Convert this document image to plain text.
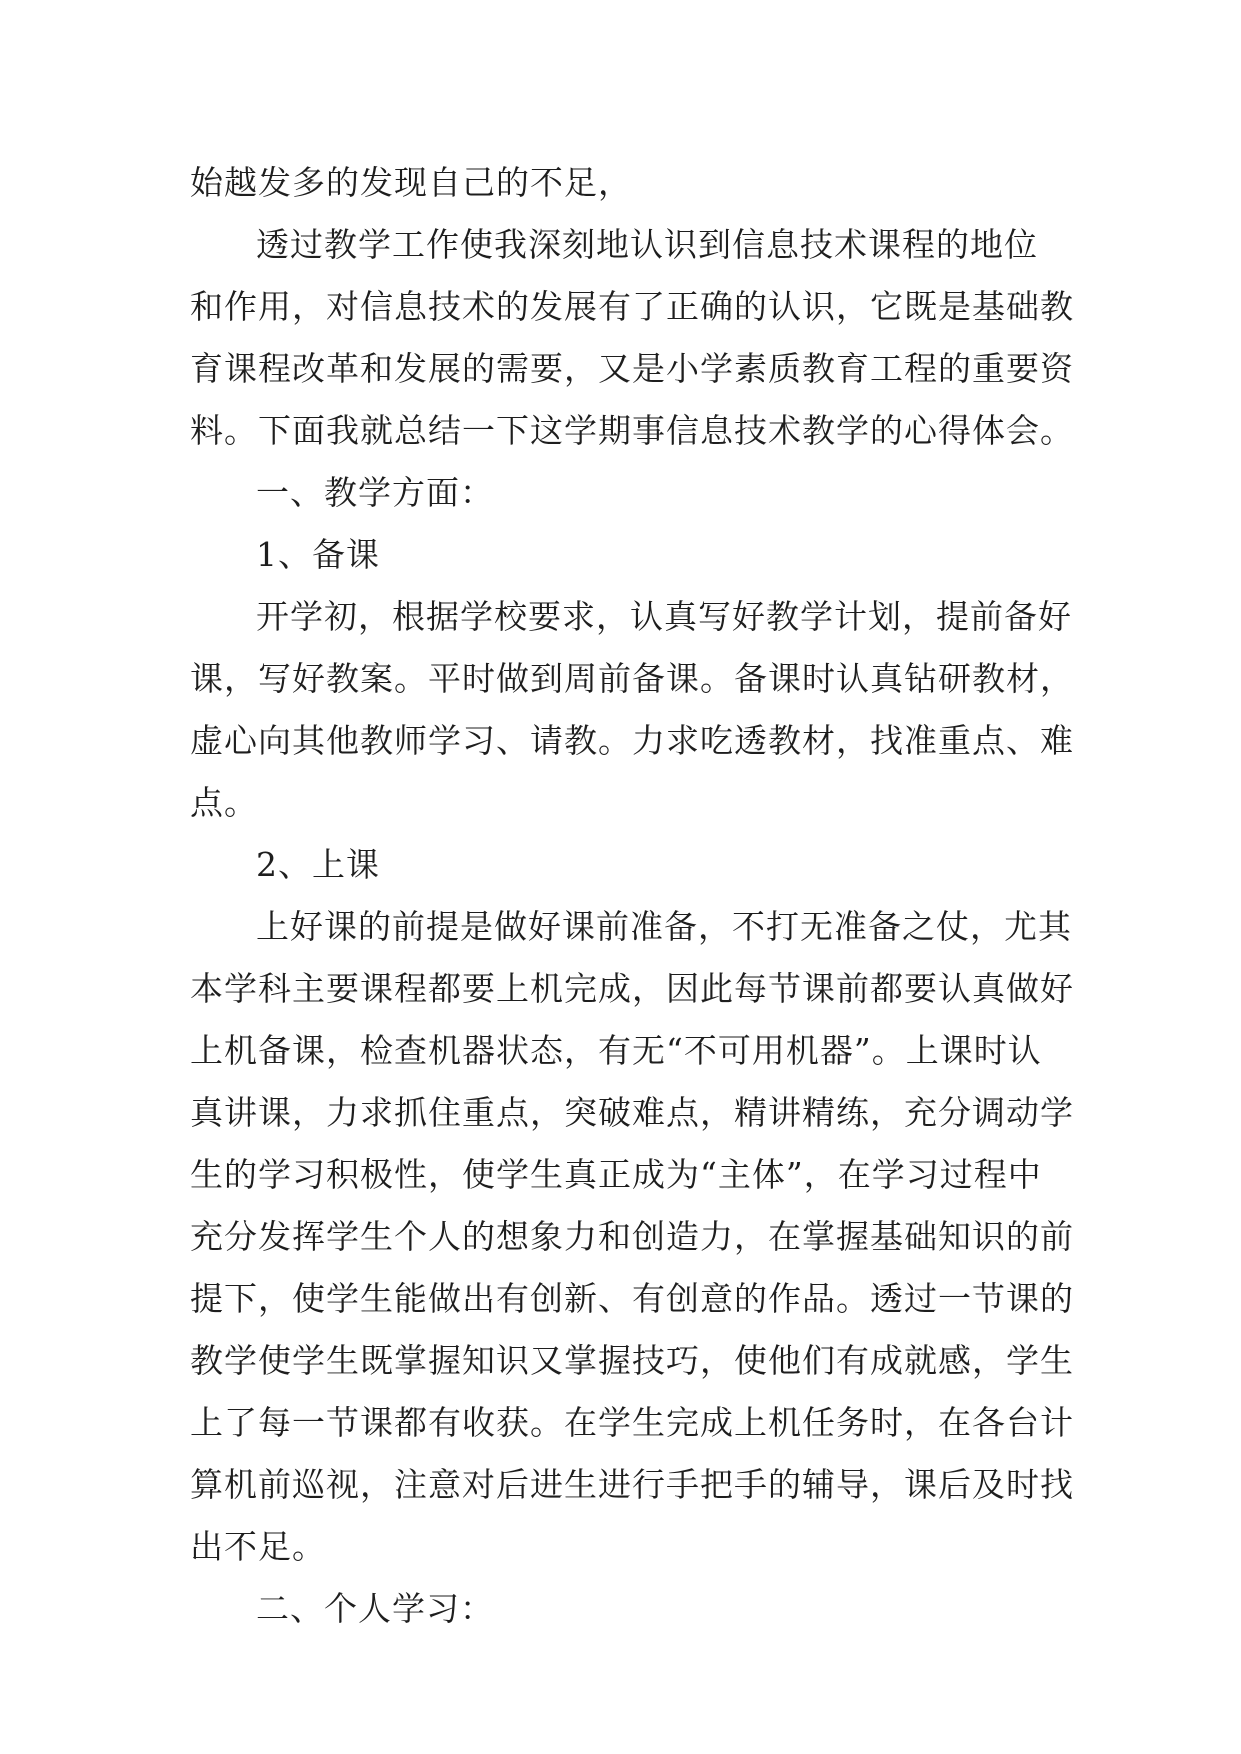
始越发多的发现自己的不足，
透过教学工作使我深刻地认识到信息技术课程的地位
和作用，对信息技术的发展有了正确的认识，它既是基础教
育课程改革和发展的需要，又是小学素质教育工程的重要资
料。下面我就总结一下这学期事信息技术教学的心得体会。
一、教学方面：
1、备课
开学初，根据学校要求，认真写好教学计划，提前备好
课，写好教案。平时做到周前备课。备课时认真钻研教材，
虚心向其他教师学习、请教。力求吃透教材，找准重点、难
点。
2、上课
上好课的前提是做好课前准备，不打无准备之仗，尤其
本学科主要课程都要上机完成，因此每节课前都要认真做好
上机备课，检查机器状态，有无“不可用机器”。上课时认
真讲课，力求抓住重点，突破难点，精讲精练，充分调动学
生的学习积极性，使学生真正成为“主体”，在学习过程中
充分发挥学生个人的想象力和创造力，在掌握基础知识的前
提下，使学生能做出有创新、有创意的作品。透过一节课的
教学使学生既掌握知识又掌握技巧，使他们有成就感，学生
上了每一节课都有收获。在学生完成上机任务时，在各台计
算机前巡视，注意对后进生进行手把手的辅导，课后及时找
出不足。
二、个人学习：
